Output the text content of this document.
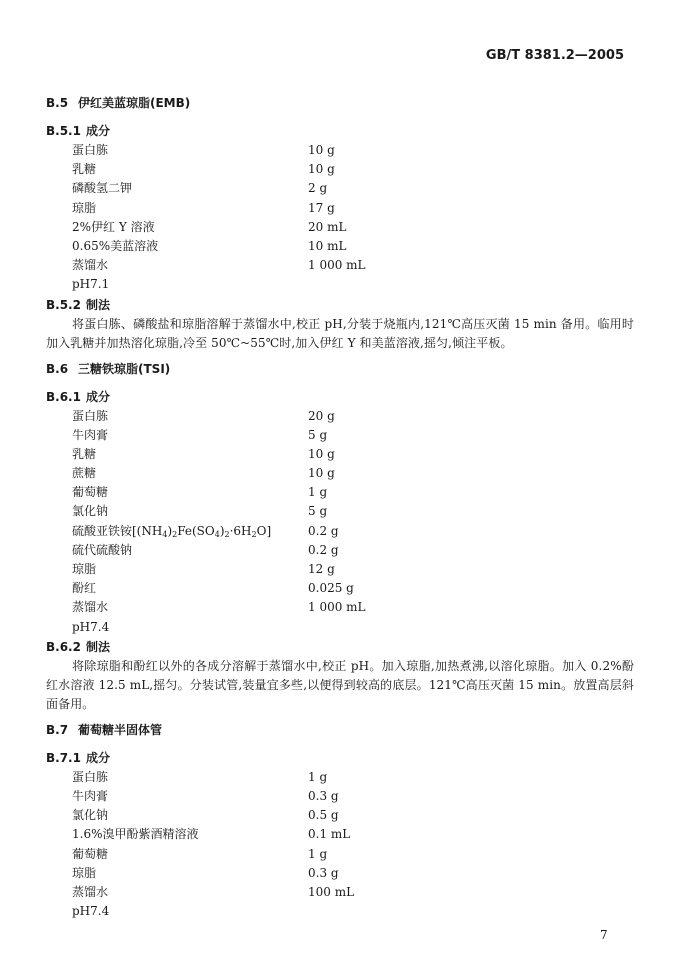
GB/T 8381.2—2005
B.5 伊红美蓝琼脂(EMB)
B.5.1 成分
蛋白胨	10 g
乳糖	10 g
磷酸氢二钾	2 g
琼脂	17 g
2%伊红 Y 溶液	20 mL
0.65%美蓝溶液	10 mL
蒸馏水	1 000 mL
pH7.1
B.5.2 制法

将蛋白胨、磷酸盐和琼脂溶解于蒸馏水中,校正 pH,分装于烧瓶内,121℃高压灭菌 15 min 备用。临用时加入乳糖并加热溶化琼脂,冷至 50℃~55℃时,加入伊红 Y 和美蓝溶液,摇匀,倾注平板。

B.6 三糖铁琼脂(TSI)
B.6.1 成分
蛋白胨	20 g
牛肉膏	5 g
乳糖	10 g
蔗糖	10 g
葡萄糖	1 g
氯化钠	5 g
硫酸亚铁铵$[(NH_4)_2Fe(SO_4)_2\cdot 6H_2O]$	0.2 g
硫代硫酸钠	0.2 g
琼脂	12 g
酚红	0.025 g
蒸馏水	1 000 mL
pH7.4
B.6.2 制法

将除琼脂和酚红以外的各成分溶解于蒸馏水中,校正 pH。加入琼脂,加热煮沸,以溶化琼脂。加入 0.2%酚红水溶液 12.5 mL,摇匀。分装试管,装量宜多些,以便得到较高的底层。121℃高压灭菌 15 min。放置高层斜面备用。

B.7 葡萄糖半固体管
B.7.1 成分
蛋白胨	1 g
牛肉膏	0.3 g
氯化钠	0.5 g
1.6%溴甲酚紫酒精溶液	0.1 mL
葡萄糖	1 g
琼脂	0.3 g
蒸馏水	100 mL
pH7.4
7
